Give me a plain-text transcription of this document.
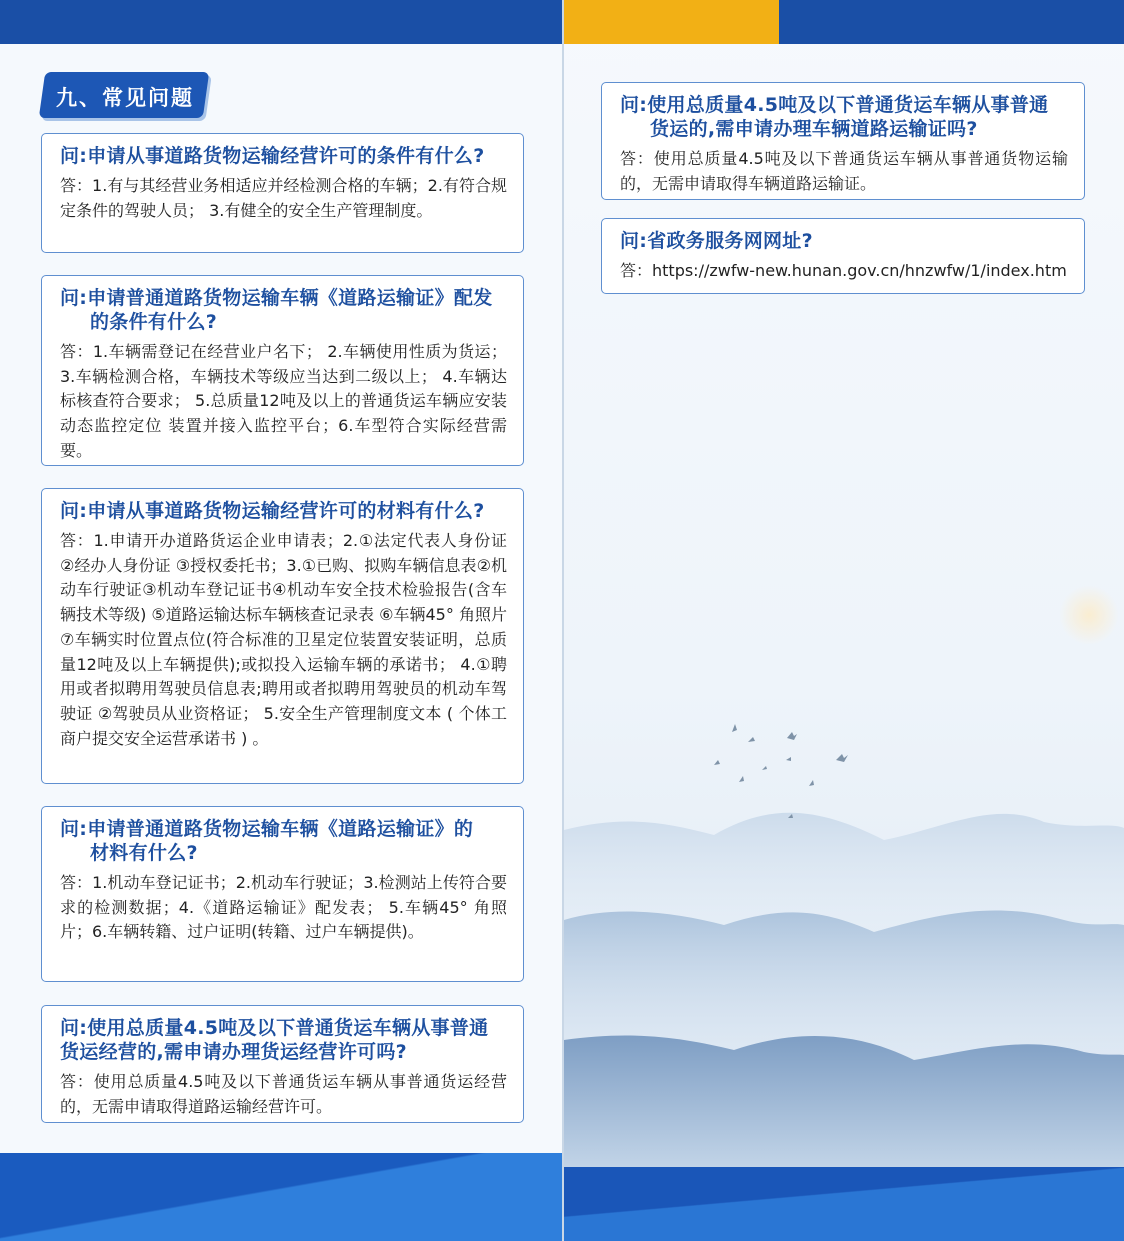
九、常见问题

问:申请从事道路货物运输经营许可的条件有什么?

答：1.有与其经营业务相适应并经检测合格的车辆；2.有符合规定条件的驾驶人员； 3.有健全的安全生产管理制度。

问:申请普通道路货物运输车辆《道路运输证》配发
的条件有什么?

答：1.车辆需登记在经营业户名下； 2.车辆使用性质为货运； 3.车辆检测合格，车辆技术等级应当达到二级以上； 4.车辆达标核查符合要求； 5.总质量12吨及以上的普通货运车辆应安装动态监控定位 装置并接入监控平台；6.车型符合实际经营需要。

问:申请从事道路货物运输经营许可的材料有什么?

答：1.申请开办道路货运企业申请表；2.①法定代表人身份证 ②经办人身份证 ③授权委托书；3.①已购、拟购车辆信息表②机动车行驶证③机动车登记证书④机动车安全技术检验报告(含车辆技术等级) ⑤道路运输达标车辆核查记录表 ⑥车辆45° 角照片 ⑦车辆实时位置点位(符合标准的卫星定位装置安装证明，总质量12吨及以上车辆提供);或拟投入运输车辆的承诺书； 4.①聘用或者拟聘用驾驶员信息表;聘用或者拟聘用驾驶员的机动车驾驶证 ②驾驶员从业资格证； 5.安全生产管理制度文本 ( 个体工商户提交安全运营承诺书 ) 。

问:申请普通道路货物运输车辆《道路运输证》的
材料有什么?

答：1.机动车登记证书；2.机动车行驶证；3.检测站上传符合要求的检测数据；4.《道路运输证》配发表； 5.车辆45° 角照片；6.车辆转籍、过户证明(转籍、过户车辆提供)。

问:使用总质量4.5吨及以下普通货运车辆从事普通
货运经营的,需申请办理货运经营许可吗?

答：使用总质量4.5吨及以下普通货运车辆从事普通货运经营的，无需申请取得道路运输经营许可。

问:使用总质量4.5吨及以下普通货运车辆从事普通
货运的,需申请办理车辆道路运输证吗?

答：使用总质量4.5吨及以下普通货运车辆从事普通货物运输的，无需申请取得车辆道路运输证。

问:省政务服务网网址?

答：https://zwfw-new.hunan.gov.cn/hnzwfw/1/index.htm
